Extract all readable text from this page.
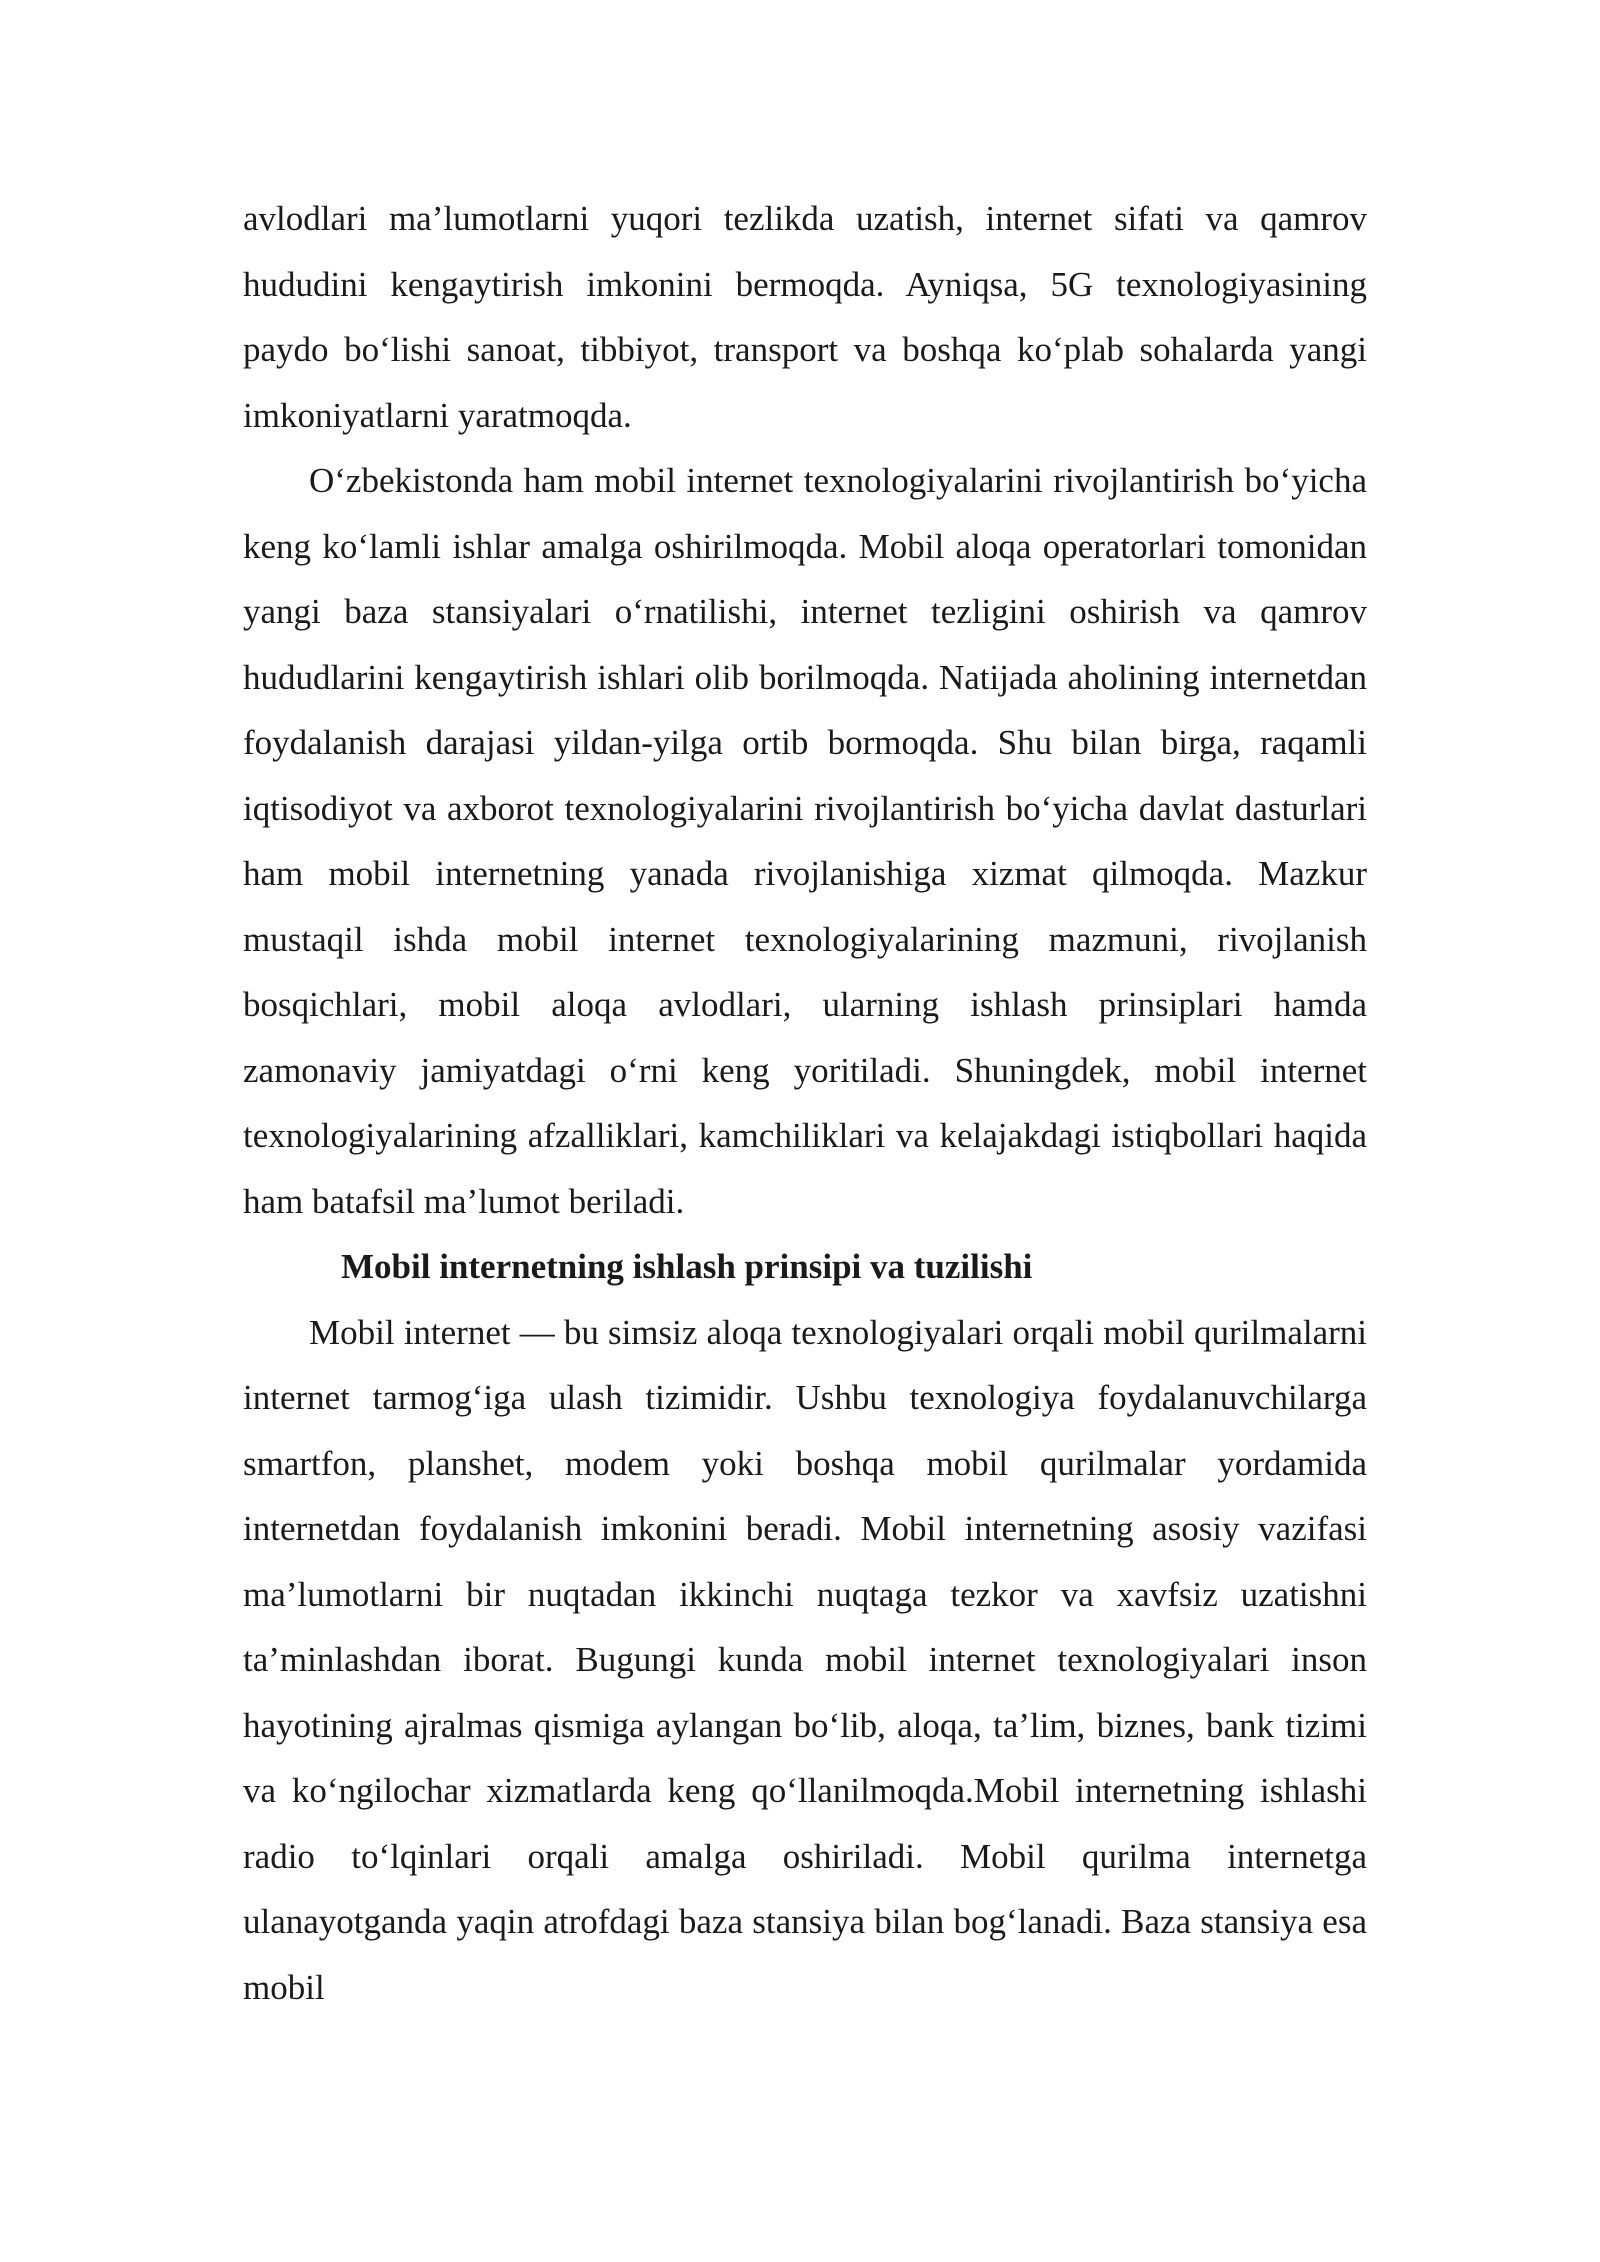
avlodlari ma’lumotlarni yuqori tezlikda uzatish, internet sifati va qamrov hududini kengaytirish imkonini bermoqda. Ayniqsa, 5G texnologiyasining paydo bo‘lishi sanoat, tibbiyot, transport va boshqa ko‘plab sohalarda yangi imkoniyatlarni yaratmoqda.

O‘zbekistonda ham mobil internet texnologiyalarini rivojlantirish bo‘yicha keng ko‘lamli ishlar amalga oshirilmoqda. Mobil aloqa operatorlari tomonidan yangi baza stansiyalari o‘rnatilishi, internet tezligini oshirish va qamrov hududlarini kengaytirish ishlari olib borilmoqda. Natijada aholining internetdan foydalanish darajasi yildan-yilga ortib bormoqda. Shu bilan birga, raqamli iqtisodiyot va axborot texnologiyalarini rivojlantirish bo‘yicha davlat dasturlari ham mobil internetning yanada rivojlanishiga xizmat qilmoqda. Mazkur mustaqil ishda mobil internet texnologiyalarining mazmuni, rivojlanish bosqichlari, mobil aloqa avlodlari, ularning ishlash prinsiplari hamda zamonaviy jamiyatdagi o‘rni keng yoritiladi. Shuningdek, mobil internet texnologiyalarining afzalliklari, kamchiliklari va kelajakdagi istiqbollari haqida ham batafsil ma’lumot beriladi.

Mobil internetning ishlash prinsipi va tuzilishi

Mobil internet — bu simsiz aloqa texnologiyalari orqali mobil qurilmalarni internet tarmog‘iga ulash tizimidir. Ushbu texnologiya foydalanuvchilarga smartfon, planshet, modem yoki boshqa mobil qurilmalar yordamida internetdan foydalanish imkonini beradi. Mobil internetning asosiy vazifasi ma’lumotlarni bir nuqtadan ikkinchi nuqtaga tezkor va xavfsiz uzatishni ta’minlashdan iborat. Bugungi kunda mobil internet texnologiyalari inson hayotining ajralmas qismiga aylangan bo‘lib, aloqa, ta’lim, biznes, bank tizimi va ko‘ngilochar xizmatlarda keng qo‘llanilmoqda.Mobil internetning ishlashi radio to‘lqinlari orqali amalga oshiriladi. Mobil qurilma internetga ulanayotganda yaqin atrofdagi baza stansiya bilan bog‘lanadi. Baza stansiya esa mobil
